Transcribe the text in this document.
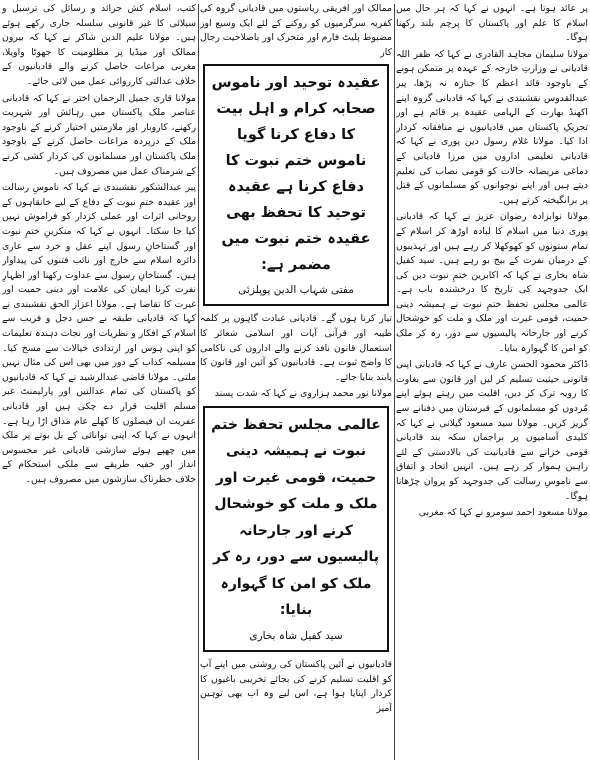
پر عائد ہوتا ہے۔ انہوں نے کہا کہ ہر حال میں اسلام کا علم اور پاکستان کا پرچم بلند رکھنا ہوگا۔

مولانا سلیمان مجاہد القادری نے کہا کہ ظفر اللہ قادیانی نے وزارتِ خارجہ کے عہدہ پر متمکن ہونے کے باوجود قائد اعظم کا جنازہ نہ پڑھا، پیر عبدالقدوس نقشبندی نے کہا کہ قادیانی گروہ اپنے اکھنڈ بھارت کے الہامی عقیدہ پر قائم ہے اور تحریکِ پاکستان میں قادیانیوں نے منافقانہ کردار ادا کیا۔ مولانا غلام رسول دین پوری نے کہا کہ قادیانی تعلیمی اداروں میں مرزا قادیانی کے دماغی مریضانہ حالات کو قومی نصاب کی تعلیم دیتے ہیں اور اپنے نوجوانوں کو مسلمانوں کے قتل پر برانگیختہ کرتے ہیں۔

مولانا نوابزادہ رضوان عزیز نے کہا کہ قادیانی پوری دنیا میں اسلام کا لبادہ اوڑھ کر اسلام کے تمام ستونوں کو کھوکھلا کر رہے ہیں اور تہذیبوں کے درمیان نفرت کے بیج بو رہے ہیں۔ سید کفیل شاہ بخاری نے کہا کہ اکابرین ختمِ نبوت دین کی ایک جدوجہد کی تاریخ کا درخشندہ باب ہے۔ عالمی مجلس تحفظ ختمِ نبوت نے ہمیشہ دینی حمیت، قومی غیرت اور ملک و ملت کو خوشحال کرنے اور جارحانہ پالیسیوں سے دور، رہ کر ملک کو امن کا گہوارہ بنایا۔

ڈاکٹر محمود الحسن عارف نے کہا کہ قادیانی اپنی قانونی حیثیت تسلیم کر لیں اور قانون سے بغاوت کا رویہ ترک کر دیں، اقلیت میں رہتے ہوئے اپنے مُردوں کو مسلمانوں کے قبرستان میں دفنانے سے گریز کریں۔ مولانا سید مسعود گیلانی نے کہا کہ کلیدی آسامیوں پر براجمان سکہ بند قادیانی قومی خزانے سے قادیانیت کی بالادستی کے لئے راہیں ہموار کر رہے ہیں۔ انہیں اتحاد و اتفاق سے ناموسِ رسالت کی جدوجہد کو پروان چڑھانا ہوگا۔

مولانا مسعود احمد سومرو نے کہا کہ مغربی

ممالک اور افریقی ریاستوں میں قادیانی گروہ کی کفریہ سرگرمیوں کو روکنے کے لئے ایک وسیع اور مضبوط پلیٹ فارم اور متحرک اور باصلاحیت رجال کار

عقیدہ توحید اور ناموس صحابہ کرام و اہل بیت کا دفاع کرنا گویا ناموس ختم نبوت کا دفاع کرنا ہے عقیدہ توحید کا تحفظ بھی عقیدہ ختم نبوت میں مضمر ہے:
مفتی شہاب الدین پوپلزئی

تیار کرنا ہوں گے۔ قادیانی عبادت گاہوں پر کلمہ طیبہ اور قرآنی آیات اور اسلامی شعائر کا استعمال قانون نافذ کرنے والے اداروں کی ناکامی کا واضح ثبوت ہے۔ قادیانیوں کو آئین اور قانون کا پابند بنایا جائے۔

مولانا نور محمد ہزاروی نے کہا کہ شدت پسند

عالمی مجلس تحفظ ختم نبوت نے ہمیشہ دینی حمیت، قومی غیرت اور ملک و ملت کو خوشحال کرنے اور جارحانہ پالیسیوں سے دور، رہ کر ملک کو امن کا گہوارہ بنایا:
سید کفیل شاہ بخاری

قادیانیوں نے آئین پاکستان کی روشنی میں اپنے آپ کو اقلیت تسلیم کرنے کی بجائے تخریبی باغیوں کا کردار اپنایا ہوا ہے، اس لیے وہ اب بھی توہین آمیز

کتب، اسلام کش جرائد و رسائل کی ترسیل و سپلائی کا غیر قانونی سلسلہ جاری رکھے ہوئے ہیں۔ مولانا علیم الدین شاکر نے کہا کہ بیرون ممالک اور میڈیا پر مظلومیت کا جھوٹا واویلا، مغربی مراعات حاصل کرنے والے قادیانیوں کے خلاف عدالتی کارروائی عمل میں لائی جائے۔

مولانا قاری جمیل الرحمان اختر نے کہا کہ قادیانی عناصر ملک پاکستان میں رہائش اور شہریت رکھنے، کاروبار اور ملازمتیں اختیار کرنے کے باوجود ملک کے درپردہ مراعات حاصل کرنے کے باوجود ملک پاکستان اور مسلمانوں کی کردار کشی کرنے کے شرمناک عمل میں مصروف ہیں۔

پیر عبدالشکور نقشبندی نے کہا کہ ناموسِ رسالت اور عقیدہ ختمِ نبوت کے دفاع کے لیے خانقاہوں کے روحانی اثرات اور عملی کردار کو فراموش نہیں کیا جا سکتا۔ انہوں نے کہا کہ منکرینِ ختمِ نبوت اور گستاخانِ رسول اپنے عقل و خرد سے عاری دائرہ اسلام سے خارج اور نائب فتنوں کی پیداوار ہیں۔ گستاخانِ رسول سے عداوت رکھنا اور اظہارِ نفرت کرنا ایمان کی علامت اور دینی حمیت اور غیرت کا تقاضا ہے۔ مولانا اعزاز الحق نقشبندی نے کہا کہ قادیانی طبقہ نے جس دجل و فریب سے اسلام کے افکار و نظریات اور نجات دہندہ تعلیمات کو اپنی ہوس اور ارتدادی خیالات سے مسخ کیا۔ مسیلمہ کذاب کے دور میں بھی اس کی مثال نہیں ملتی۔ مولانا قاضی عبدالرشید نے کہا کہ قادیانیوں کو پاکستان کی تمام عدالتیں اور پارلیمنٹ غیر مسلم اقلیت قرار دے چکی ہیں اور قادیانی عفریت ان فیصلوں کا کھلے عام مذاق اڑا رہا ہے۔ انہوں نے کہا کہ اپنی توانائی کے بل بوتے پر ملک میں چھپے ہوئے سازشی قادیانی غیر محسوس انداز اور خفیہ طریقے سے ملکی استحکام کے خلاف خطرناک سازشوں میں مصروف ہیں۔
